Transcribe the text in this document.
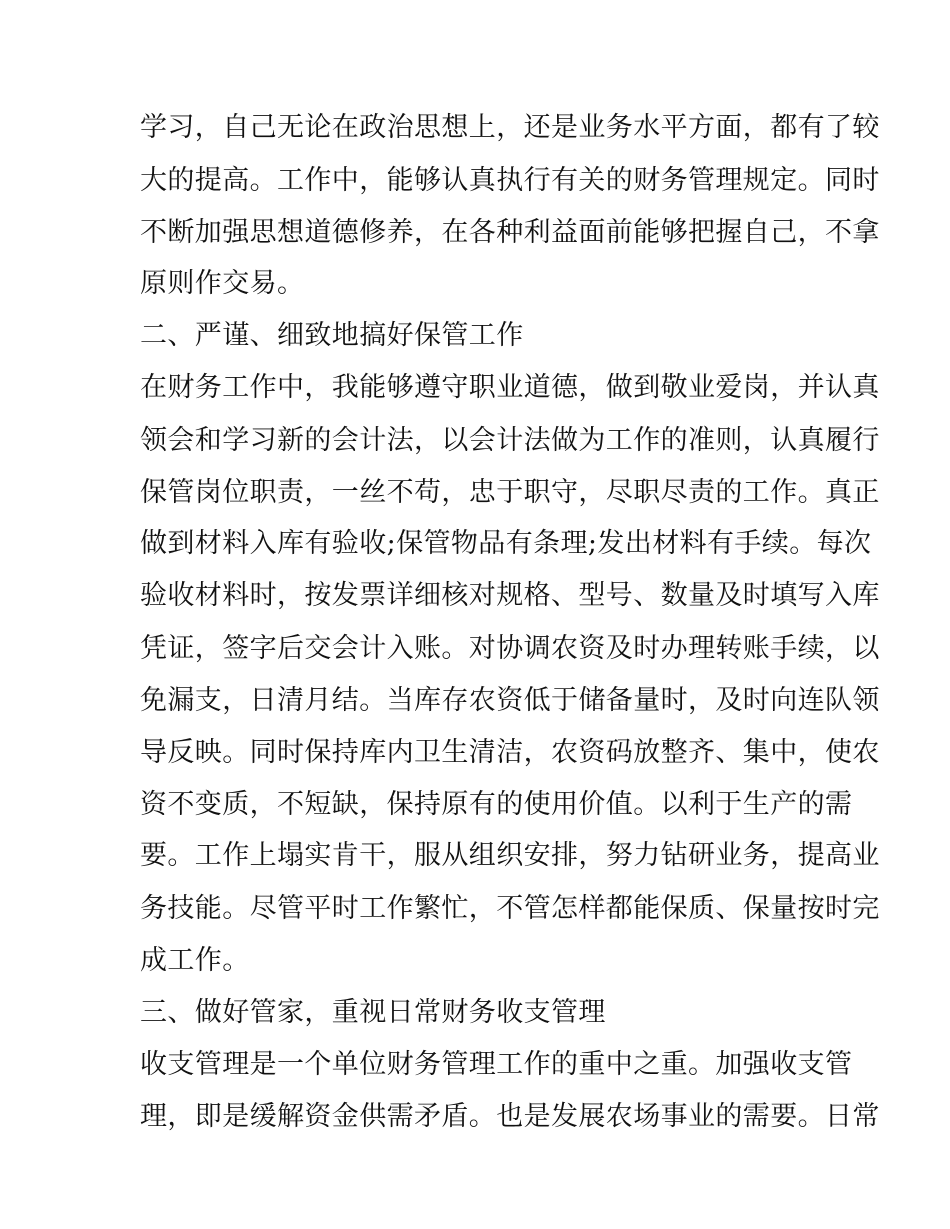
学习，自己无论在政治思想上，还是业务水平方面，都有了较
大的提高。工作中，能够认真执行有关的财务管理规定。同时
不断加强思想道德修养，在各种利益面前能够把握自己，不拿
原则作交易。
二、严谨、细致地搞好保管工作
在财务工作中，我能够遵守职业道德，做到敬业爱岗，并认真
领会和学习新的会计法，以会计法做为工作的准则，认真履行
保管岗位职责，一丝不苟，忠于职守，尽职尽责的工作。真正
做到材料入库有验收;保管物品有条理;发出材料有手续。每次
验收材料时，按发票详细核对规格、型号、数量及时填写入库
凭证，签字后交会计入账。对协调农资及时办理转账手续，以
免漏支，日清月结。当库存农资低于储备量时，及时向连队领
导反映。同时保持库内卫生清洁，农资码放整齐、集中，使农
资不变质，不短缺，保持原有的使用价值。以利于生产的需
要。工作上塌实肯干，服从组织安排，努力钻研业务，提高业
务技能。尽管平时工作繁忙，不管怎样都能保质、保量按时完
成工作。
三、做好管家，重视日常财务收支管理
收支管理是一个单位财务管理工作的重中之重。加强收支管
理，即是缓解资金供需矛盾。也是发展农场事业的需要。日常
